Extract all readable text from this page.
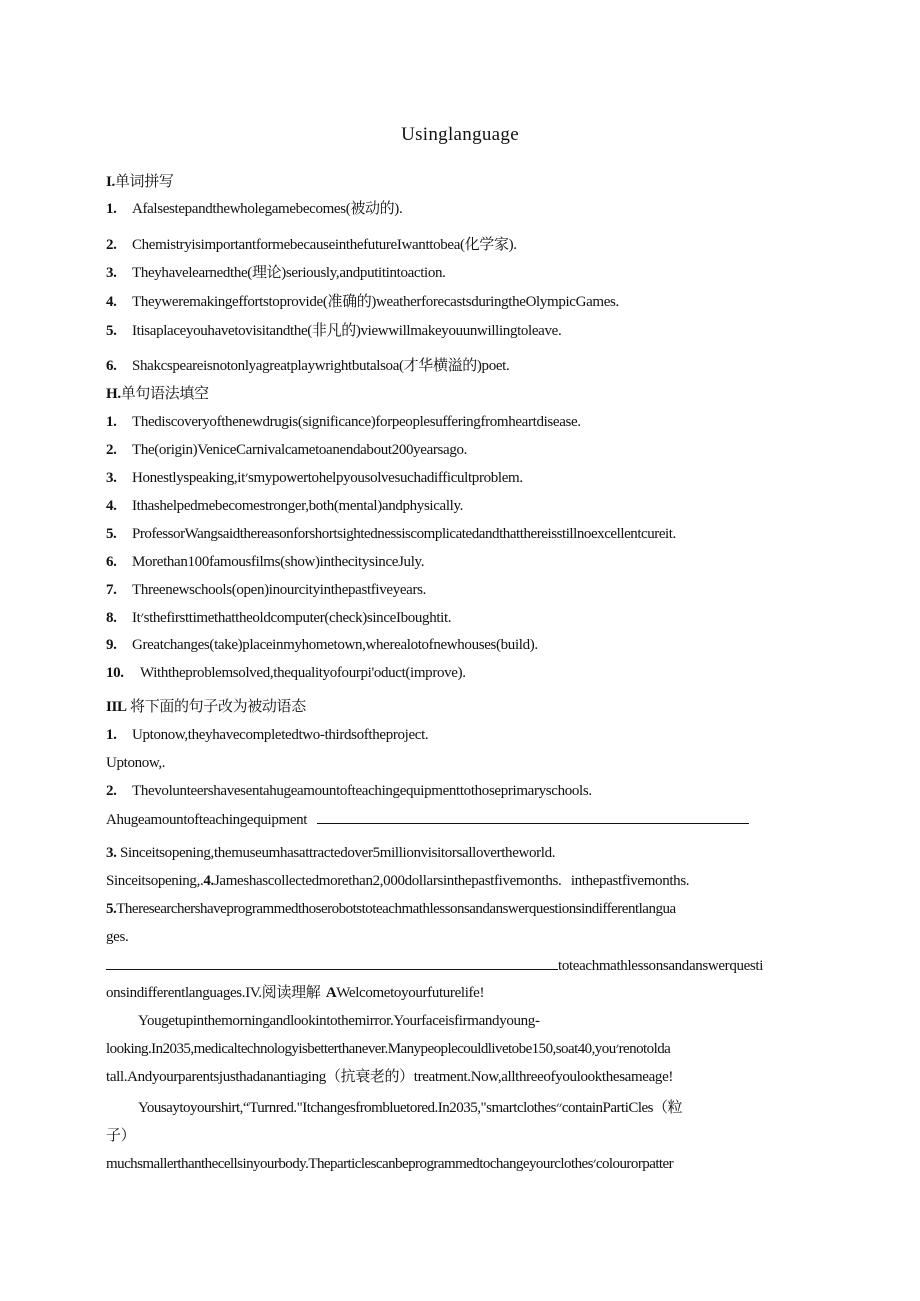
Usinglanguage
I.单词拼写
1. Afalsestepandthewholegamebecomes(被动的).
2. ChemistryisimportantformebecauseinthefutureIwanttobea(化学家).
3. Theyhavelearnedthe(理论)seriously,andputitintoaction.
4. Theyweremakingeffortstoprovide(准确的)weatherforecastsduringtheOlympicGames.
5. Itisaplaceyouhavetovisitandthe(非凡的)viewwillmakeyouunwillingtoleave.
6. Shakcspeareisnotonlyagreatplaywrightbutalsoa(才华横溢的)poet.
H.单句语法填空
1. Thediscoveryofthenewdrugis(significance)forpeoplesufferingfromheartdisease.
2. The(origin)VeniceCarnivalcametoanendabout200yearsago.
3. Honestlyspeaking,it׳smypowertohelpyousolvesuchadifficultproblem.
4. Ithashelpedmebecomestronger,both(mental)andphysically.
5. ProfessorWangsaidthereasonforshortsightednessiscomplicatedandthatthereisstillnoexcellentcureit.
6. Morethan100famousfilms(show)inthecitysinceJuly.
7. Threenewschools(open)inourcityinthepastfiveyears.
8. It׳sthefirsttimethattheoldcomputer(check)sinceIboughtit.
9. Greatchanges(take)placeinmyhometown,wherealotofnewhouses(build).
10. Withtheproblemsolved,thequalityofourpi'oduct(improve).
IIL 将下面的句子改为被动语态
1. Uptonow,theyhavecompletedtwo-thirdsoftheproject.
Uptonow,.
2. Thevolunteershavesentahugeamountofteachingequipmenttothoseprimaryschools.
Ahugeamountofteachingequipment
3. Sinceitsopening,themuseumhasattractedover5millionvisitorsallovertheworld.
Sinceitsopening,.4.Jameshascollectedmorethan2,000dollarsinthepastfivemonths. inthepastfivemonths.
5.Theresearchershaveprogrammedthoserobotstoteachmathlessonsandanswerquestionsindifferentlangua
ges.
toteachmathlessonsandanswerquesti
onsindifferentlanguages.IV.阅读理解 AWelcometoyourfuturelife!
Yougetupinthemorningandlookintothemirror.Yourfaceisfirmandyoung-
looking.In2035,medicaltechnologyisbetterthanever.Manypeoplecouldlivetobe150,soat40,you׳renotolda
tall.Andyourparentsjusthadanantiaging（抗衰老的）treatment.Now,allthreeofyoulookthesameage!
Yousaytoyourshirt,“Turnred."Itchangesfrombluetored.In2035,"smartclothes׳׳containPartiCles（粒
子）
muchsmallerthanthecellsinyourbody.Theparticlescanbeprogrammedtochangeyourclothes׳colourorpatter
